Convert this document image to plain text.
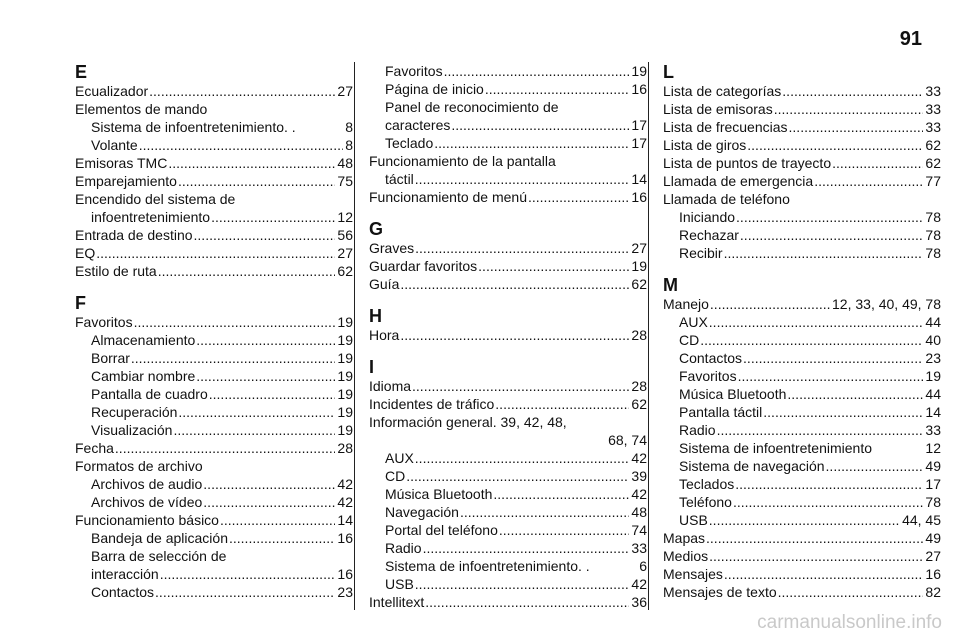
91
E
Ecualizador .....	27
Elementos de mando
Sistema de infoentretenimiento. .	8
Volante .....	8
Emisoras TMC .....	48
Emparejamiento .....	75
Encendido del sistema de
infoentretenimiento .....	12
Entrada de destino .....	56
EQ .....	27
Estilo de ruta .....	62
F
Favoritos .....	19
Almacenamiento .....	19
Borrar .....	19
Cambiar nombre .....	19
Pantalla de cuadro .....	19
Recuperación .....	19
Visualización .....	19
Fecha .....	28
Formatos de archivo
Archivos de audio .....	42
Archivos de vídeo .....	42
Funcionamiento básico .....	14
Bandeja de aplicación .....	16
Barra de selección de
interacción .....	16
Contactos .....	23
Favoritos .....	19
Página de inicio .....	16
Panel de reconocimiento de
caracteres .....	17
Teclado .....	17
Funcionamiento de la pantalla
táctil .....	14
Funcionamiento de menú .....	16
G
Graves .....	27
Guardar favoritos .....	19
Guía .....	62
H
Hora .....	28
I
Idioma .....	28
Incidentes de tráfico .....	62
Información general. 39, 42, 48,
68, 74
AUX .....	42
CD .....	39
Música Bluetooth .....	42
Navegación .....	48
Portal del teléfono .....	74
Radio .....	33
Sistema de infoentretenimiento. .	6
USB .....	42
Intellitext .....	36
L
Lista de categorías .....	33
Lista de emisoras .....	33
Lista de frecuencias .....	33
Lista de giros .....	62
Lista de puntos de trayecto .....	62
Llamada de emergencia .....	77
Llamada de teléfono
Iniciando .....	78
Rechazar .....	78
Recibir .....	78
M
Manejo .....	12, 33, 40, 49, 78
AUX .....	44
CD .....	40
Contactos .....	23
Favoritos .....	19
Música Bluetooth .....	44
Pantalla táctil .....	14
Radio .....	33
Sistema de infoentretenimiento	12
Sistema de navegación .....	49
Teclados .....	17
Teléfono .....	78
USB .....	44, 45
Mapas .....	49
Medios .....	27
Mensajes .....	16
Mensajes de texto .....	82
carmanualsonline.info
